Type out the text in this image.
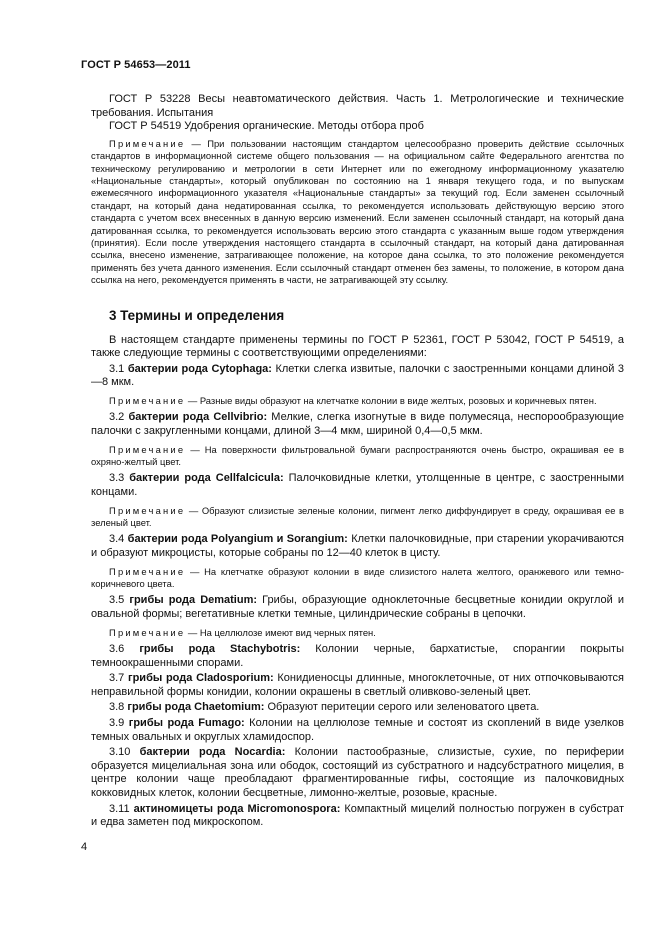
ГОСТ Р 54653—2011

ГОСТ Р 53228 Весы неавтоматического действия. Часть 1. Метрологические и технические требования. Испытания

ГОСТ Р 54519 Удобрения органические. Методы отбора проб

Примечание — При пользовании настоящим стандартом целесообразно проверить действие ссылочных стандартов в информационной системе общего пользования — на официальном сайте Федерального агентства по техническому регулированию и метрологии в сети Интернет или по ежегодному информационному указателю «Национальные стандарты», который опубликован по состоянию на 1 января текущего года, и по выпускам ежемесячного информационного указателя «Национальные стандарты» за текущий год. Если заменен ссылочный стандарт, на который дана недатированная ссылка, то рекомендуется использовать действующую версию этого стандарта с учетом всех внесенных в данную версию изменений. Если заменен ссылочный стандарт, на который дана датированная ссылка, то рекомендуется использовать версию этого стандарта с указанным выше годом утверждения (принятия). Если после утверждения настоящего стандарта в ссылочный стандарт, на который дана датированная ссылка, внесено изменение, затрагивающее положение, на которое дана ссылка, то это положение рекомендуется применять без учета данного изменения. Если ссылочный стандарт отменен без замены, то положение, в котором дана ссылка на него, рекомендуется применять в части, не затрагивающей эту ссылку.

3 Термины и определения

В настоящем стандарте применены термины по ГОСТ Р 52361, ГОСТ Р 53042, ГОСТ Р 54519, а также следующие термины с соответствующими определениями:

3.1 бактерии рода Cytophaga: Клетки слегка извитые, палочки с заостренными концами длиной 3—8 мкм.

Примечание — Разные виды образуют на клетчатке колонии в виде желтых, розовых и коричневых пятен.

3.2 бактерии рода Cellvibrio: Мелкие, слегка изогнутые в виде полумесяца, неспорообразующие палочки с закругленными концами, длиной 3—4 мкм, шириной 0,4—0,5 мкм.

Примечание — На поверхности фильтровальной бумаги распространяются очень быстро, окрашивая ее в охряно-желтый цвет.

3.3 бактерии рода Cellfalcicula: Палочковидные клетки, утолщенные в центре, с заостренными концами.

Примечание — Образуют слизистые зеленые колонии, пигмент легко диффундирует в среду, окрашивая ее в зеленый цвет.

3.4 бактерии рода Polyangium и Sorangium: Клетки палочковидные, при старении укорачиваются и образуют микроцисты, которые собраны по 12—40 клеток в цисту.

Примечание — На клетчатке образуют колонии в виде слизистого налета желтого, оранжевого или темно-коричневого цвета.

3.5 грибы рода Dematium: Грибы, образующие одноклеточные бесцветные конидии округлой и овальной формы; вегетативные клетки темные, цилиндрические собраны в цепочки.

Примечание — На целлюлозе имеют вид черных пятен.

3.6 грибы рода Stachybotris: Колонии черные, бархатистые, спорангии покрыты темноокрашенными спорами.

3.7 грибы рода Cladosporium: Конидиеносцы длинные, многоклеточные, от них отпочковываются неправильной формы конидии, колонии окрашены в светлый оливково-зеленый цвет.

3.8 грибы рода Chaetomium: Образуют перитеции серого или зеленоватого цвета.

3.9 грибы рода Fumago: Колонии на целлюлозе темные и состоят из скоплений в виде узелков темных овальных и округлых хламидоспор.

3.10 бактерии рода Nocardia: Колонии пастообразные, слизистые, сухие, по периферии образуется мицелиальная зона или ободок, состоящий из субстратного и надсубстратного мицелия, в центре колонии чаще преобладают фрагментированные гифы, состоящие из палочковидных кокковидных клеток, колонии бесцветные, лимонно-желтые, розовые, красные.

3.11 актиномицеты рода Micromonospora: Компактный мицелий полностью погружен в субстрат и едва заметен под микроскопом.

4
